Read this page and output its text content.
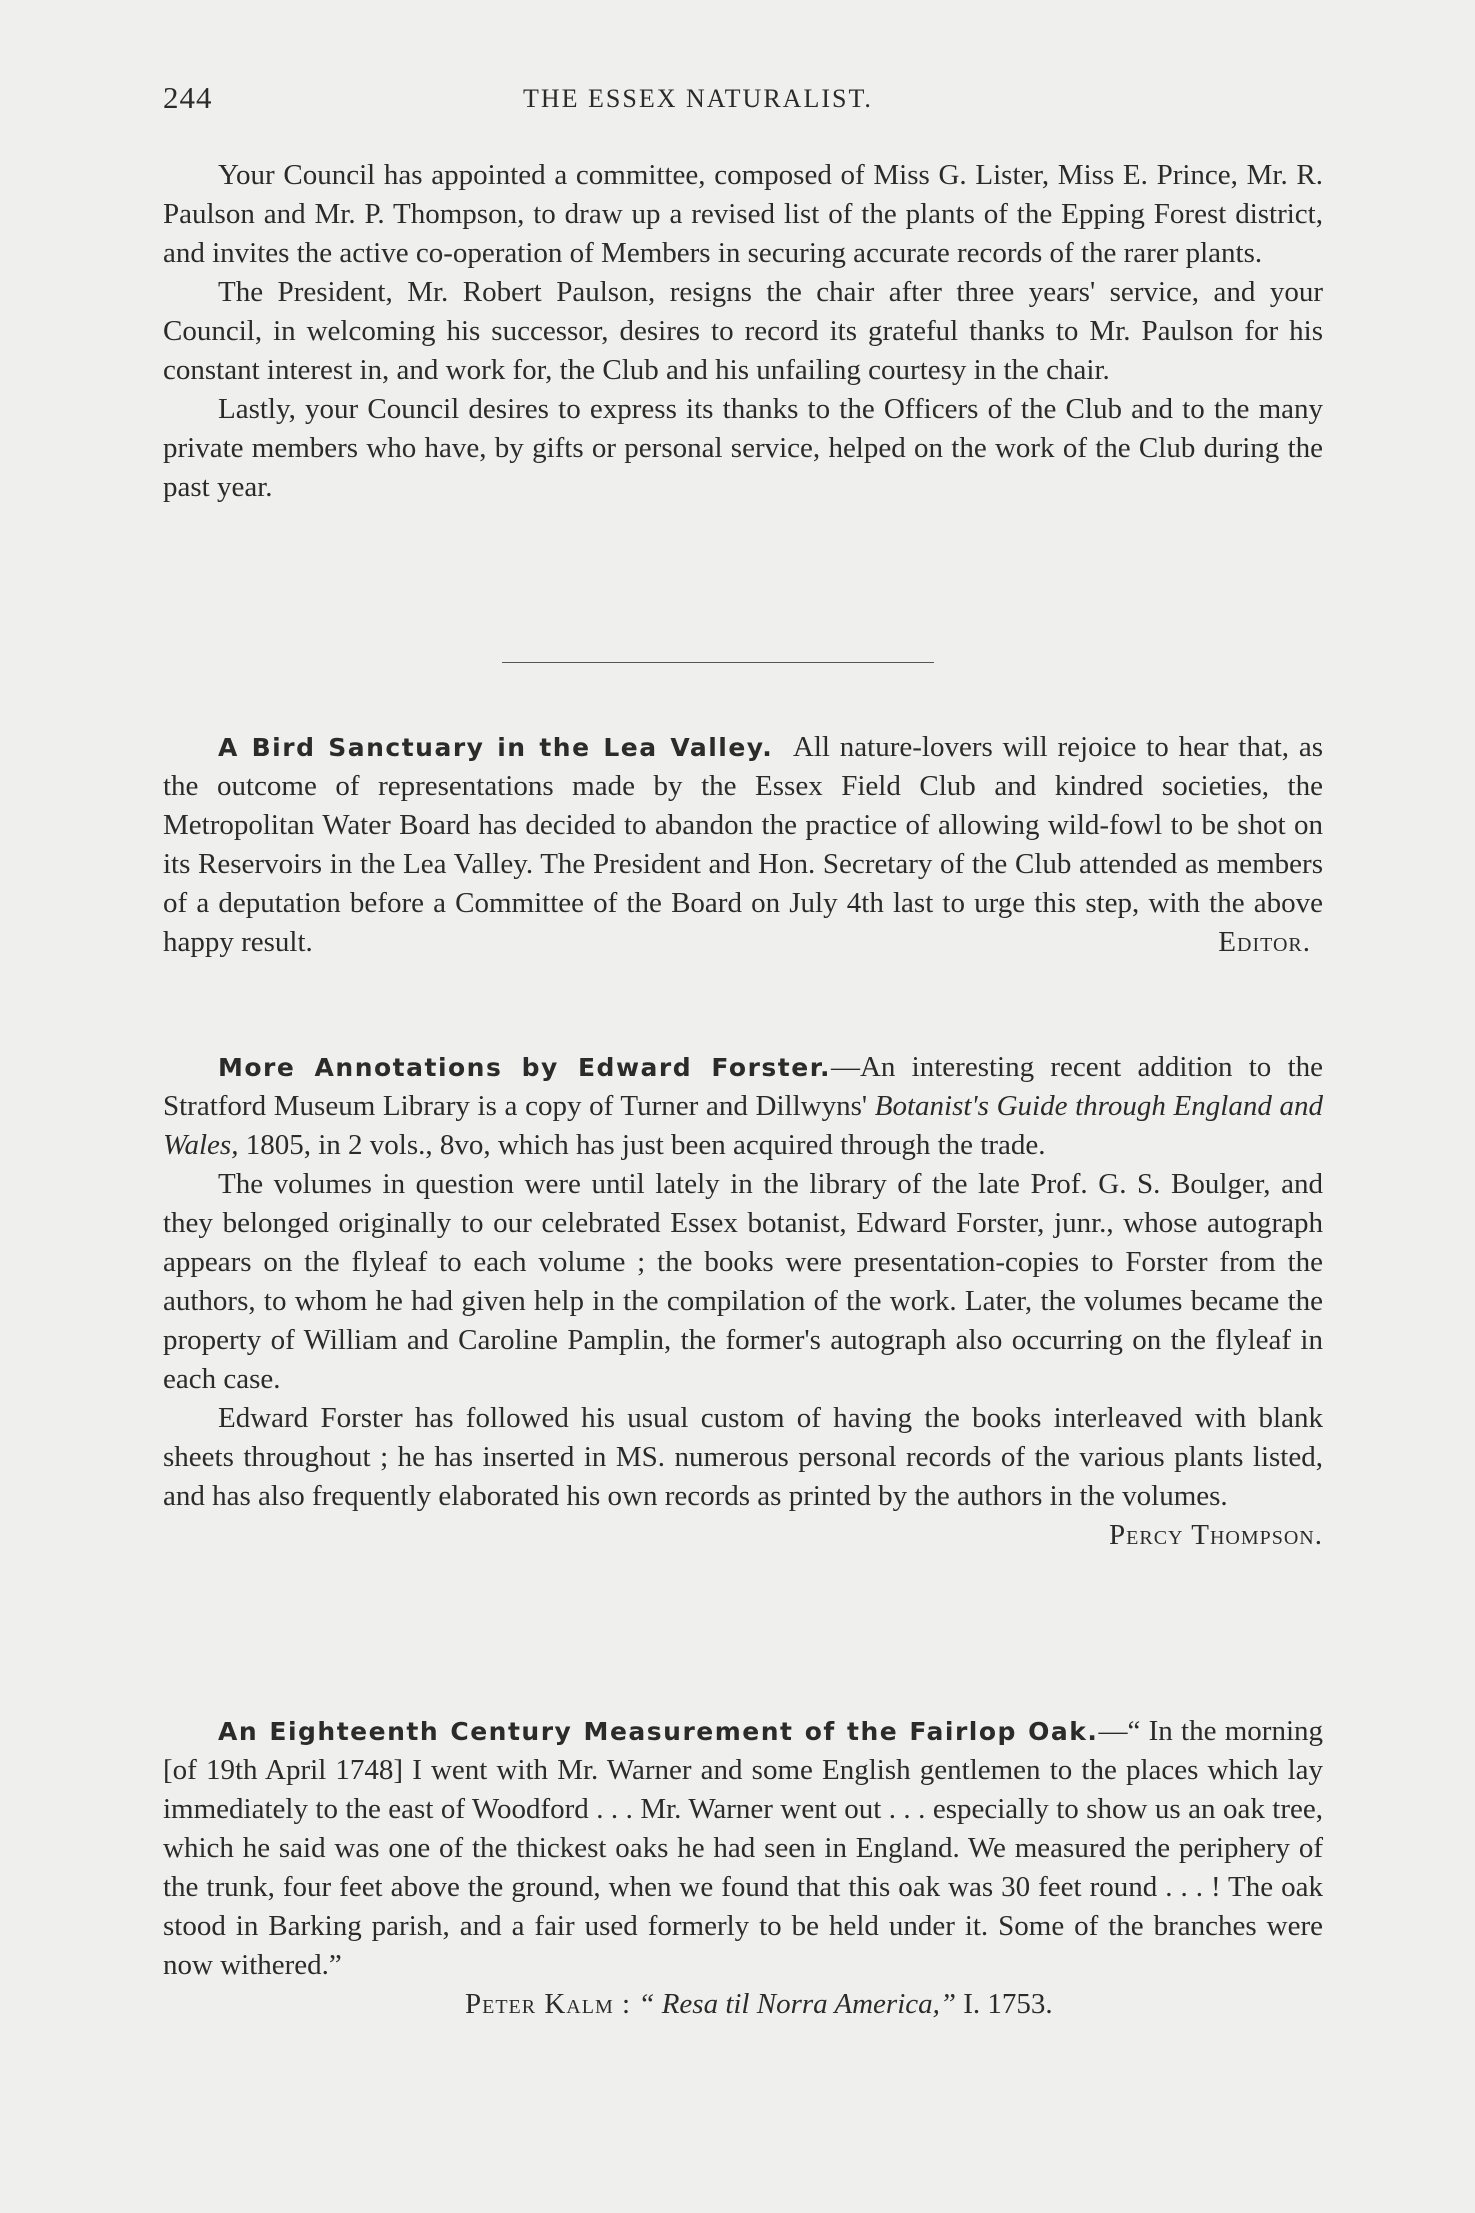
244	THE ESSEX NATURALIST.

Your Council has appointed a committee, composed of Miss G. Lister, Miss E. Prince, Mr. R. Paulson and Mr. P. Thompson, to draw up a revised list of the plants of the Epping Forest district, and invites the active co-operation of Members in securing accurate records of the rarer plants.

The President, Mr. Robert Paulson, resigns the chair after three years' service, and your Council, in welcoming his successor, desires to record its grateful thanks to Mr. Paulson for his constant interest in, and work for, the Club and his unfailing courtesy in the chair.

Lastly, your Council desires to express its thanks to the Officers of the Club and to the many private members who have, by gifts or personal service, helped on the work of the Club during the past year.

A Bird Sanctuary in the Lea Valley. All nature-lovers will rejoice to hear that, as the outcome of representations made by the Essex Field Club and kindred societies, the Metropolitan Water Board has decided to abandon the practice of allowing wild-fowl to be shot on its Reservoirs in the Lea Valley. The President and Hon. Secretary of the Club attended as members of a deputation before a Committee of the Board on July 4th last to urge this step, with the above happy result.	Editor.

More Annotations by Edward Forster.—An interesting recent addition to the Stratford Museum Library is a copy of Turner and Dillwyns' Botanist's Guide through England and Wales, 1805, in 2 vols., 8vo, which has just been acquired through the trade.

The volumes in question were until lately in the library of the late Prof. G. S. Boulger, and they belonged originally to our celebrated Essex botanist, Edward Forster, junr., whose autograph appears on the flyleaf to each volume ; the books were presentation-copies to Forster from the authors, to whom he had given help in the compilation of the work. Later, the volumes became the property of William and Caroline Pamplin, the former's autograph also occurring on the flyleaf in each case.

Edward Forster has followed his usual custom of having the books interleaved with blank sheets throughout ; he has inserted in MS. numerous personal records of the various plants listed, and has also frequently elaborated his own records as printed by the authors in the volumes.

Percy Thompson.

An Eighteenth Century Measurement of the Fairlop Oak.—“ In the morning [of 19th April 1748] I went with Mr. Warner and some English gentlemen to the places which lay immediately to the east of Woodford . . . Mr. Warner went out . . . especially to show us an oak tree, which he said was one of the thickest oaks he had seen in England. We measured the periphery of the trunk, four feet above the ground, when we found that this oak was 30 feet round . . . ! The oak stood in Barking parish, and a fair used formerly to be held under it. Some of the branches were now withered.”

Peter Kalm : “ Resa til Norra America,” I. 1753.
